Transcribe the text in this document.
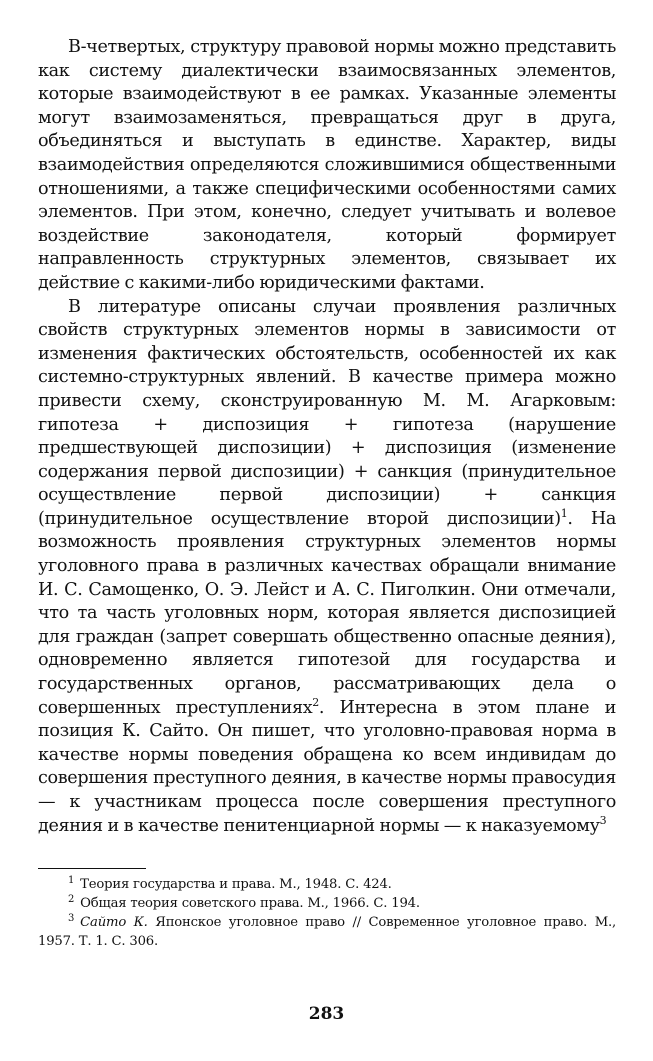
В-четвертых, структуру правовой нормы можно представить как систему диалектически взаимосвязанных элементов, которые взаимодействуют в ее рамках. Указанные элементы могут взаимозаменяться, превращаться друг в друга, объединяться и выступать в единстве. Характер, виды взаимодействия определяются сложившимися общественными отношениями, а также специфическими особенностями самих элементов. При этом, конечно, следует учитывать и волевое воздействие законодателя, который формирует направленность структурных элементов, связывает их действие с какими-либо юридическими фактами.

В литературе описаны случаи проявления различных свойств структурных элементов нормы в зависимости от изменения фактических обстоятельств, особенностей их как системно-структурных явлений. В качестве примера можно привести схему, сконструированную М. М. Агарковым: гипотеза + диспозиция + гипотеза (нарушение предшествующей диспозиции) + диспозиция (изменение содержания первой диспозиции) + санкция (принудительное осуществление первой диспозиции) + санкция (принудительное осуществление второй диспозиции)$^1$. На возможность проявления структурных элементов нормы уголовного права в различных качествах обращали внимание И. С. Самощенко, О. Э. Лейст и А. С. Пиголкин. Они отмечали, что та часть уголовных норм, которая является диспозицией для граждан (запрет совершать общественно опасные деяния), одновременно является гипотезой для государства и государственных органов, рассматривающих дела о совершенных преступлениях$^2$. Интересна в этом плане и позиция К. Сайто. Он пишет, что уголовно-правовая норма в качестве нормы поведения обращена ко всем индивидам до совершения преступного деяния, в качестве нормы правосудия — к участникам процесса после совершения преступного деяния и в качестве пенитенциарной нормы — к наказуемому$^3$

$^1$ Теория государства и права. М., 1948. С. 424.

$^2$ Общая теория советского права. М., 1966. С. 194.

$^3$ Сайто К. Японское уголовное право // Современное уголовное право. М., 1957. Т. 1. С. 306.

283
